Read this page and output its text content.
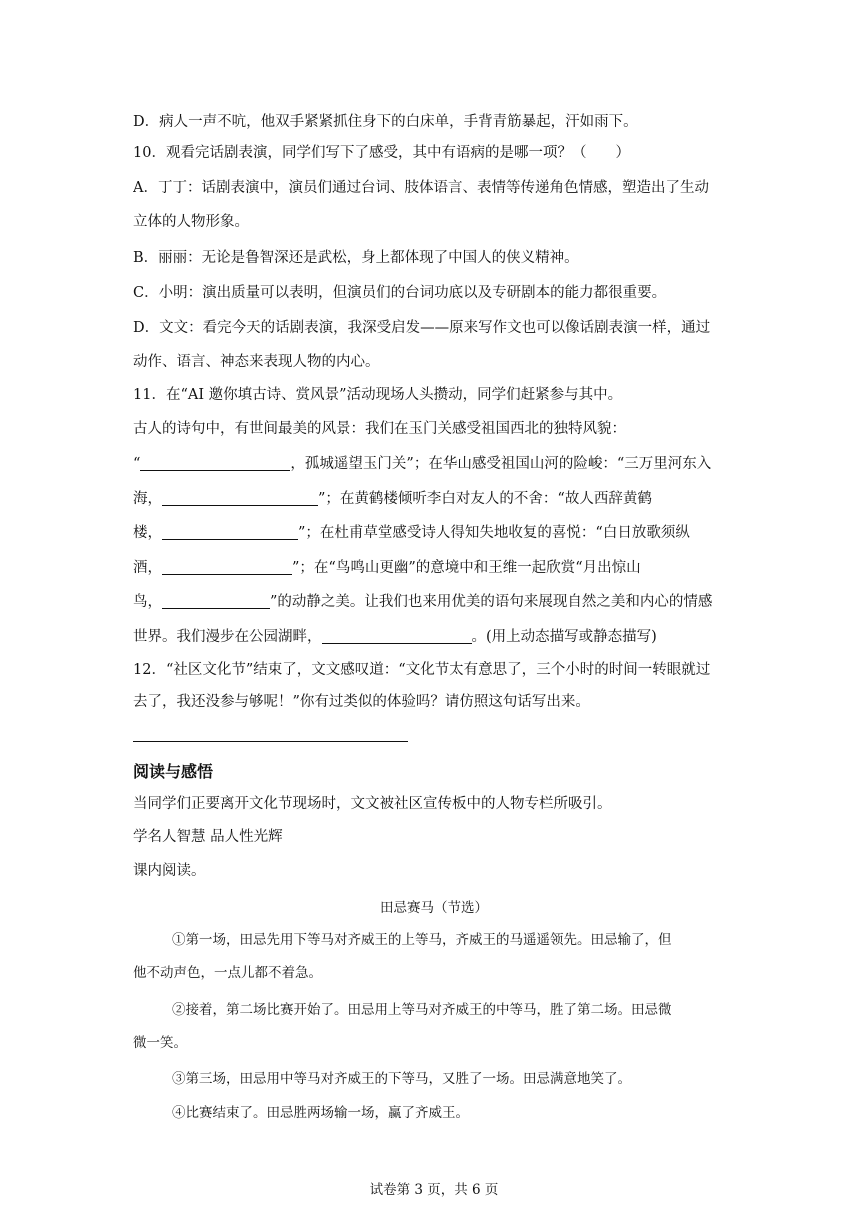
D．病人一声不吭，他双手紧紧抓住身下的白床单，手背青筋暴起，汗如雨下。
10．观看完话剧表演，同学们写下了感受，其中有语病的是哪一项？（　　）
A．丁丁：话剧表演中，演员们通过台词、肢体语言、表情等传递角色情感，塑造出了生动
立体的人物形象。
B．丽丽：无论是鲁智深还是武松，身上都体现了中国人的侠义精神。
C．小明：演出质量可以表明，但演员们的台词功底以及专研剧本的能力都很重要。
D．文文：看完今天的话剧表演，我深受启发——原来写作文也可以像话剧表演一样，通过
动作、语言、神态来表现人物的内心。
11．在“AI 邀你填古诗、赏风景”活动现场人头攒动，同学们赶紧参与其中。
古人的诗句中，有世间最美的风景：我们在玉门关感受祖国西北的独特风貌：
“	，孤城遥望玉门关”；在华山感受祖国山河的险峻：“三万里河东入
海，	”；在黄鹤楼倾听李白对友人的不舍：“故人西辞黄鹤
楼，	”；在杜甫草堂感受诗人得知失地收复的喜悦：“白日放歌须纵
酒，	”；在“鸟鸣山更幽”的意境中和王维一起欣赏“月出惊山
鸟，	”的动静之美。让我们也来用优美的语句来展现自然之美和内心的情感
世界。我们漫步在公园湖畔，	。(用上动态描写或静态描写)
12．“社区文化节”结束了，文文感叹道：“文化节太有意思了，三个小时的时间一转眼就过
去了，我还没参与够呢！”你有过类似的体验吗？请仿照这句话写出来。
阅读与感悟
当同学们正要离开文化节现场时，文文被社区宣传板中的人物专栏所吸引。
学名人智慧 品人性光辉
课内阅读。
田忌赛马（节选）
①第一场，田忌先用下等马对齐威王的上等马，齐威王的马遥遥领先。田忌输了，但
他不动声色，一点儿都不着急。
②接着，第二场比赛开始了。田忌用上等马对齐威王的中等马，胜了第二场。田忌微
微一笑。
③第三场，田忌用中等马对齐威王的下等马，又胜了一场。田忌满意地笑了。
④比赛结束了。田忌胜两场输一场，赢了齐威王。
试卷第 3 页，共 6 页
